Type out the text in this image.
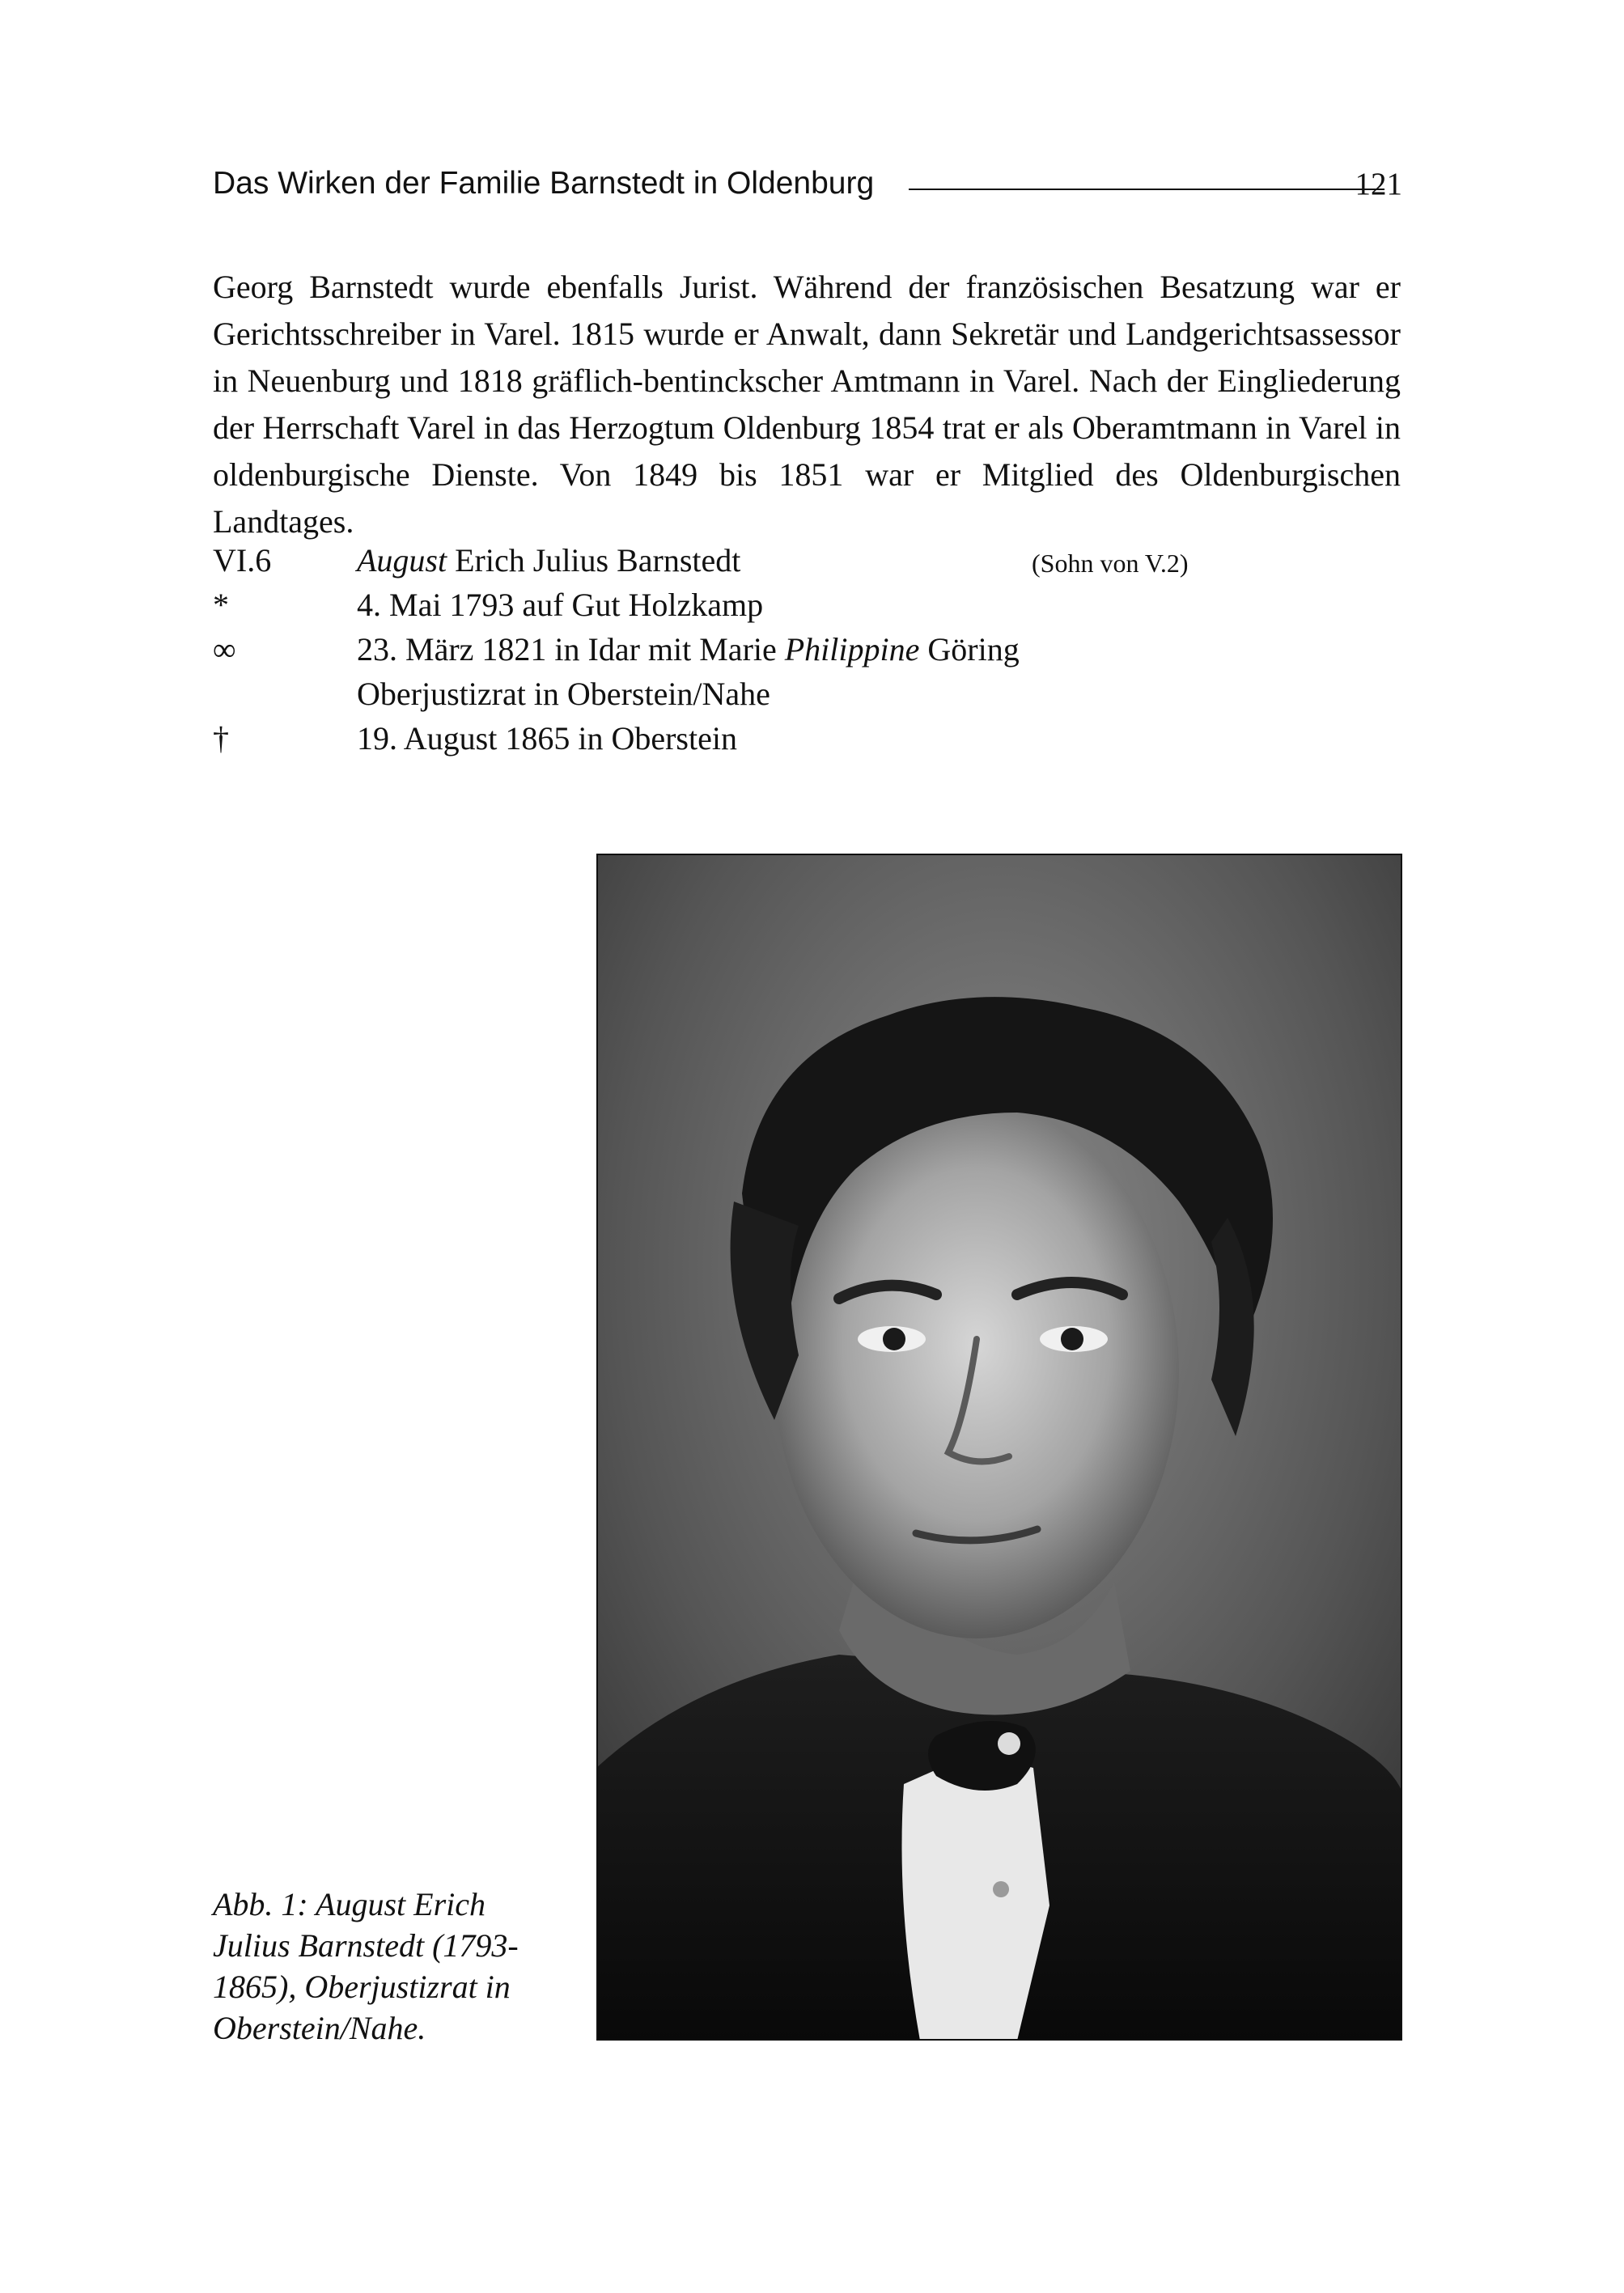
Das Wirken der Familie Barnstedt in Oldenburg	121

Georg Barnstedt wurde ebenfalls Jurist. Während der französischen Besatzung war er Gerichtsschreiber in Varel. 1815 wurde er Anwalt, dann Sekretär und Landgerichtsassessor in Neuenburg und 1818 gräflich-bentinckscher Amtmann in Varel. Nach der Eingliederung der Herrschaft Varel in das Herzogtum Oldenburg 1854 trat er als Oberamtmann in Varel in oldenburgische Dienste. Von 1849 bis 1851 war er Mitglied des Oldenburgischen Landtages.

VI.6	August Erich Julius Barnstedt	(Sohn von V.2)
*	4. Mai 1793 auf Gut Holzkamp
∞	23. März 1821 in Idar mit Marie Philippine Göring
Oberjustizrat in Oberstein/Nahe
†	19. August 1865 in Oberstein

Abb. 1: August Erich Julius Barnstedt (1793-1865), Oberjustizrat in Oberstein/Nahe.
